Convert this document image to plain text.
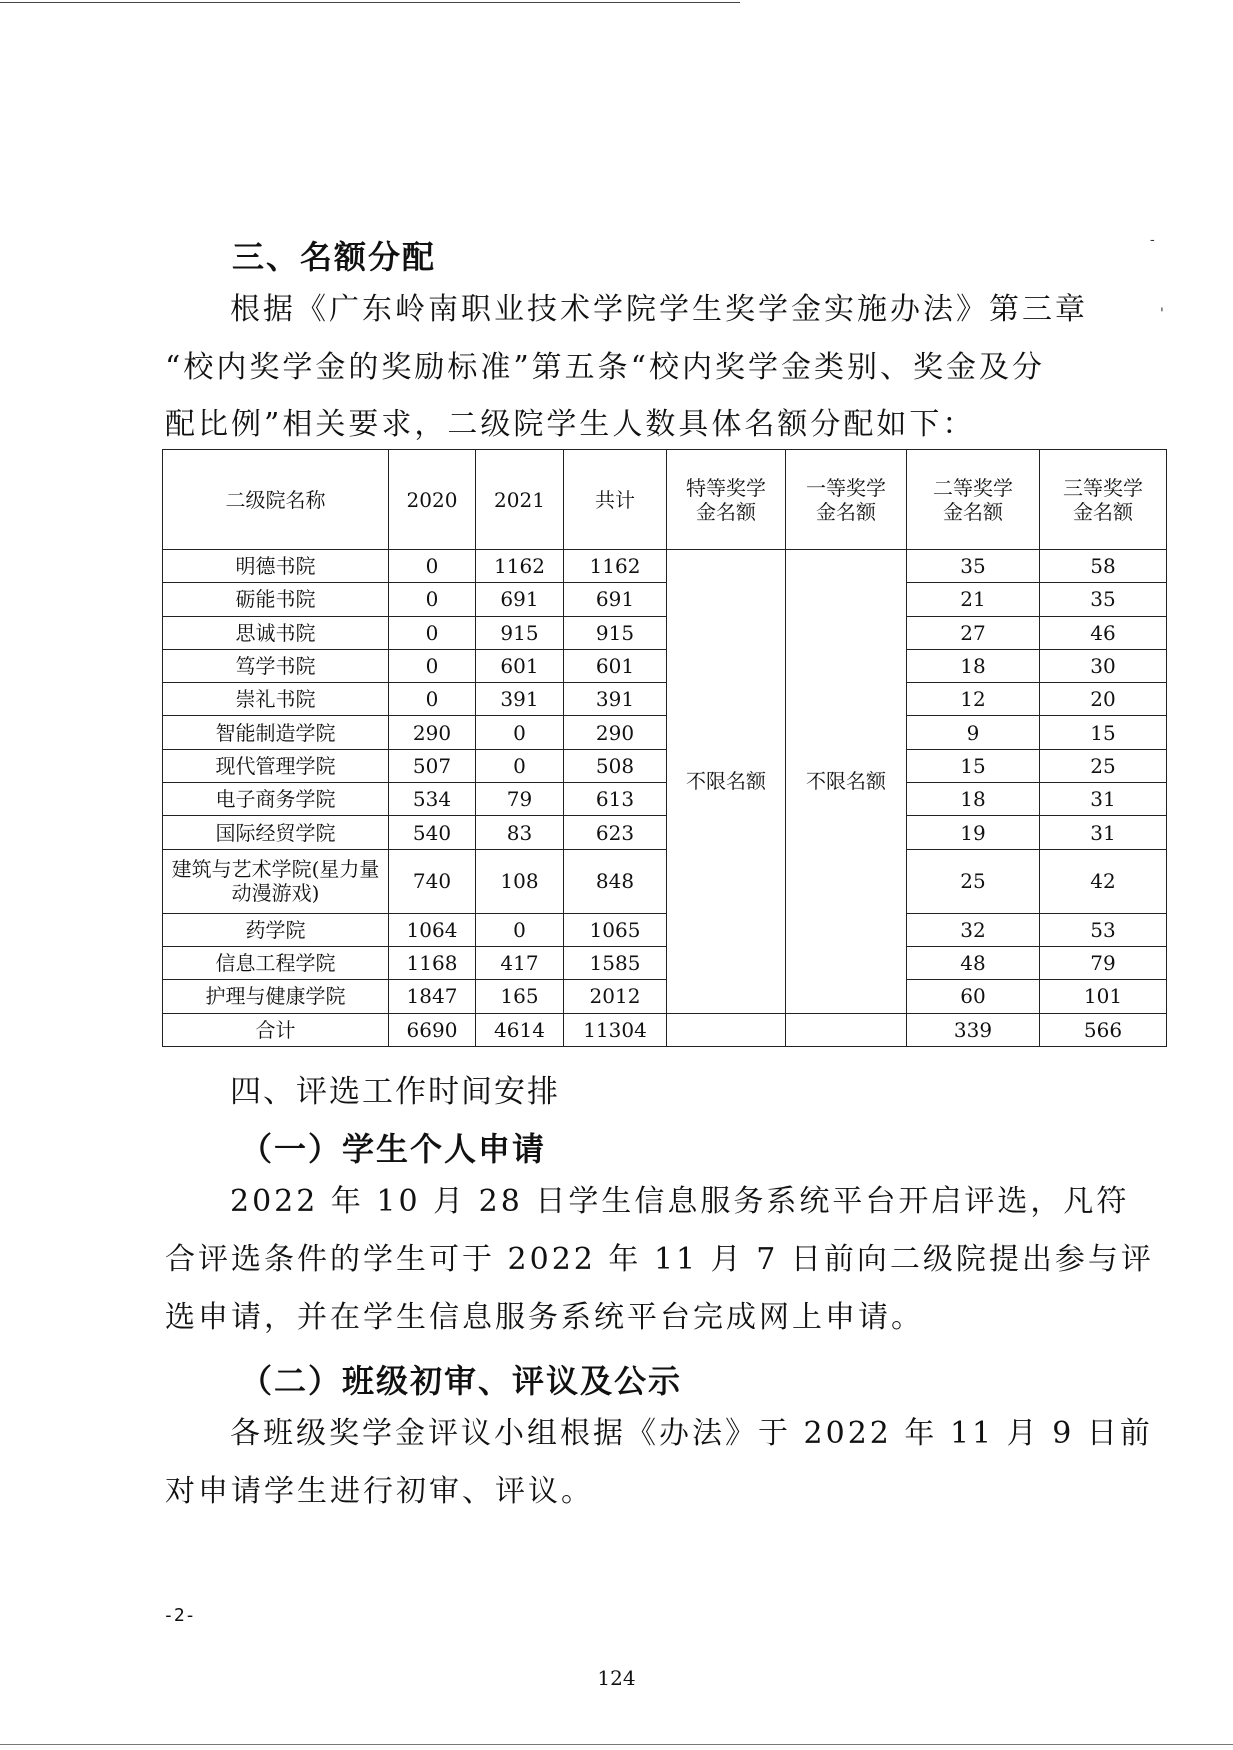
-
'
三、名额分配
根据《广东岭南职业技术学院学生奖学金实施办法》第三章
“校内奖学金的奖励标准”第五条“校内奖学金类别、奖金及分
配比例”相关要求，二级院学生人数具体名额分配如下：
二级院名称	2020	2021	共计	特等奖学金名额	一等奖学金名额	二等奖学金名额	三等奖学金名额
明德书院	0	1162	1162	不限名额	不限名额	35	58
砺能书院	0	691	691			21	35
思诚书院	0	915	915			27	46
笃学书院	0	601	601			18	30
崇礼书院	0	391	391			12	20
智能制造学院	290	0	290			9	15
现代管理学院	507	0	508			15	25
电子商务学院	534	79	613			18	31
国际经贸学院	540	83	623			19	31
建筑与艺术学院(星力量动漫游戏)	740	108	848			25	42
药学院	1064	0	1065			32	53
信息工程学院	1168	417	1585			48	79
护理与健康学院	1847	165	2012			60	101
合计	6690	4614	11304			339	566
四、评选工作时间安排
（一）学生个人申请
2022 年 10 月 28 日学生信息服务系统平台开启评选，凡符
合评选条件的学生可于 2022 年 11 月 7 日前向二级院提出参与评
选申请，并在学生信息服务系统平台完成网上申请。
（二）班级初审、评议及公示
各班级奖学金评议小组根据《办法》于 2022 年 11 月 9 日前
对申请学生进行初审、评议。
-2-
124
